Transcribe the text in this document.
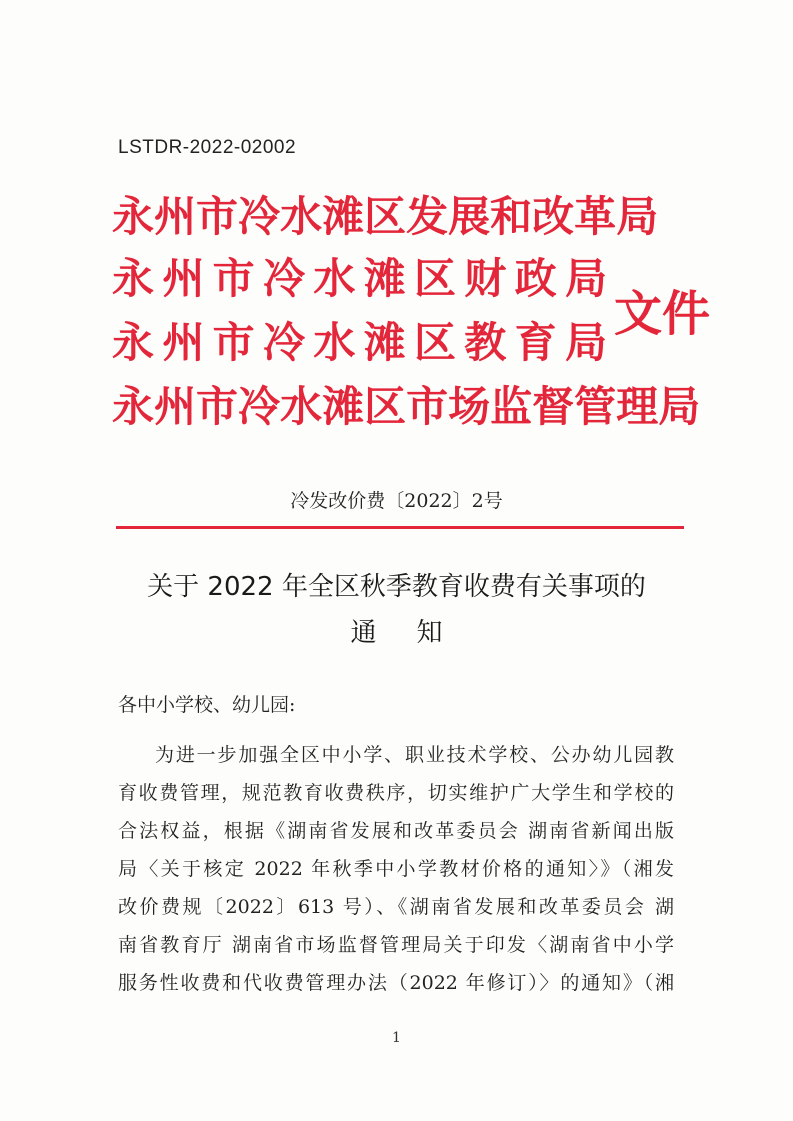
LSTDR-2022-02002
永 州 市 冷 水 滩 区 发 展 和 改 革 局
永 州 市 冷 水 滩 区 财 政 局
永 州 市 冷 水 滩 区 教 育 局
永 州 市 冷 水 滩 区 市 场 监 督 管 理 局
文件
冷发改价费〔2022〕2号
关于 2022 年全区秋季教育收费有关事项的
通知
各中小学校、幼儿园:
为进一步加强全区中小学、职业技术学校、公办幼儿园教
育收费管理，规范教育收费秩序，切实维护广大学生和学校的
合法权益，根据《湖南省发展和改革委员会 湖南省新闻出版
局〈关于核定 2022 年秋季中小学教材价格的通知〉》（湘发
改价费规〔2022〕613 号）、《湖南省发展和改革委员会 湖
南省教育厅 湖南省市场监督管理局关于印发〈湖南省中小学
服务性收费和代收费管理办法（2022 年修订）〉的通知》（湘
1
